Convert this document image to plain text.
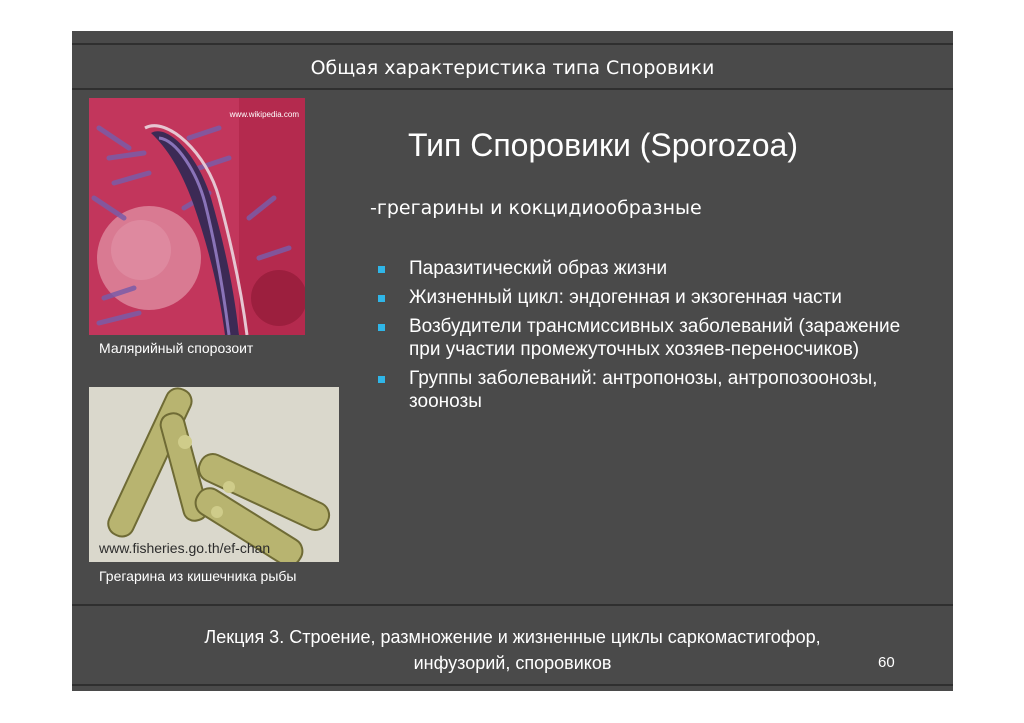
Общая характеристика типа Споровики
www.wikipedia.com
Малярийный спорозоит
www.fisheries.go.th/ef-chan
Грегарина из кишечника рыбы
Тип Споровики (Sporozoa)
-грегарины и кокцидиообразные
Паразитический образ жизни
Жизненный цикл: эндогенная и экзогенная части
Возбудители трансмиссивных заболеваний (заражение при участии промежуточных хозяев-переносчиков)
Группы заболеваний: антропонозы, антропозоонозы, зоонозы
Лекция 3. Строение, размножение и жизненные циклы саркомастигофор,
инфузорий, споровиков	60
